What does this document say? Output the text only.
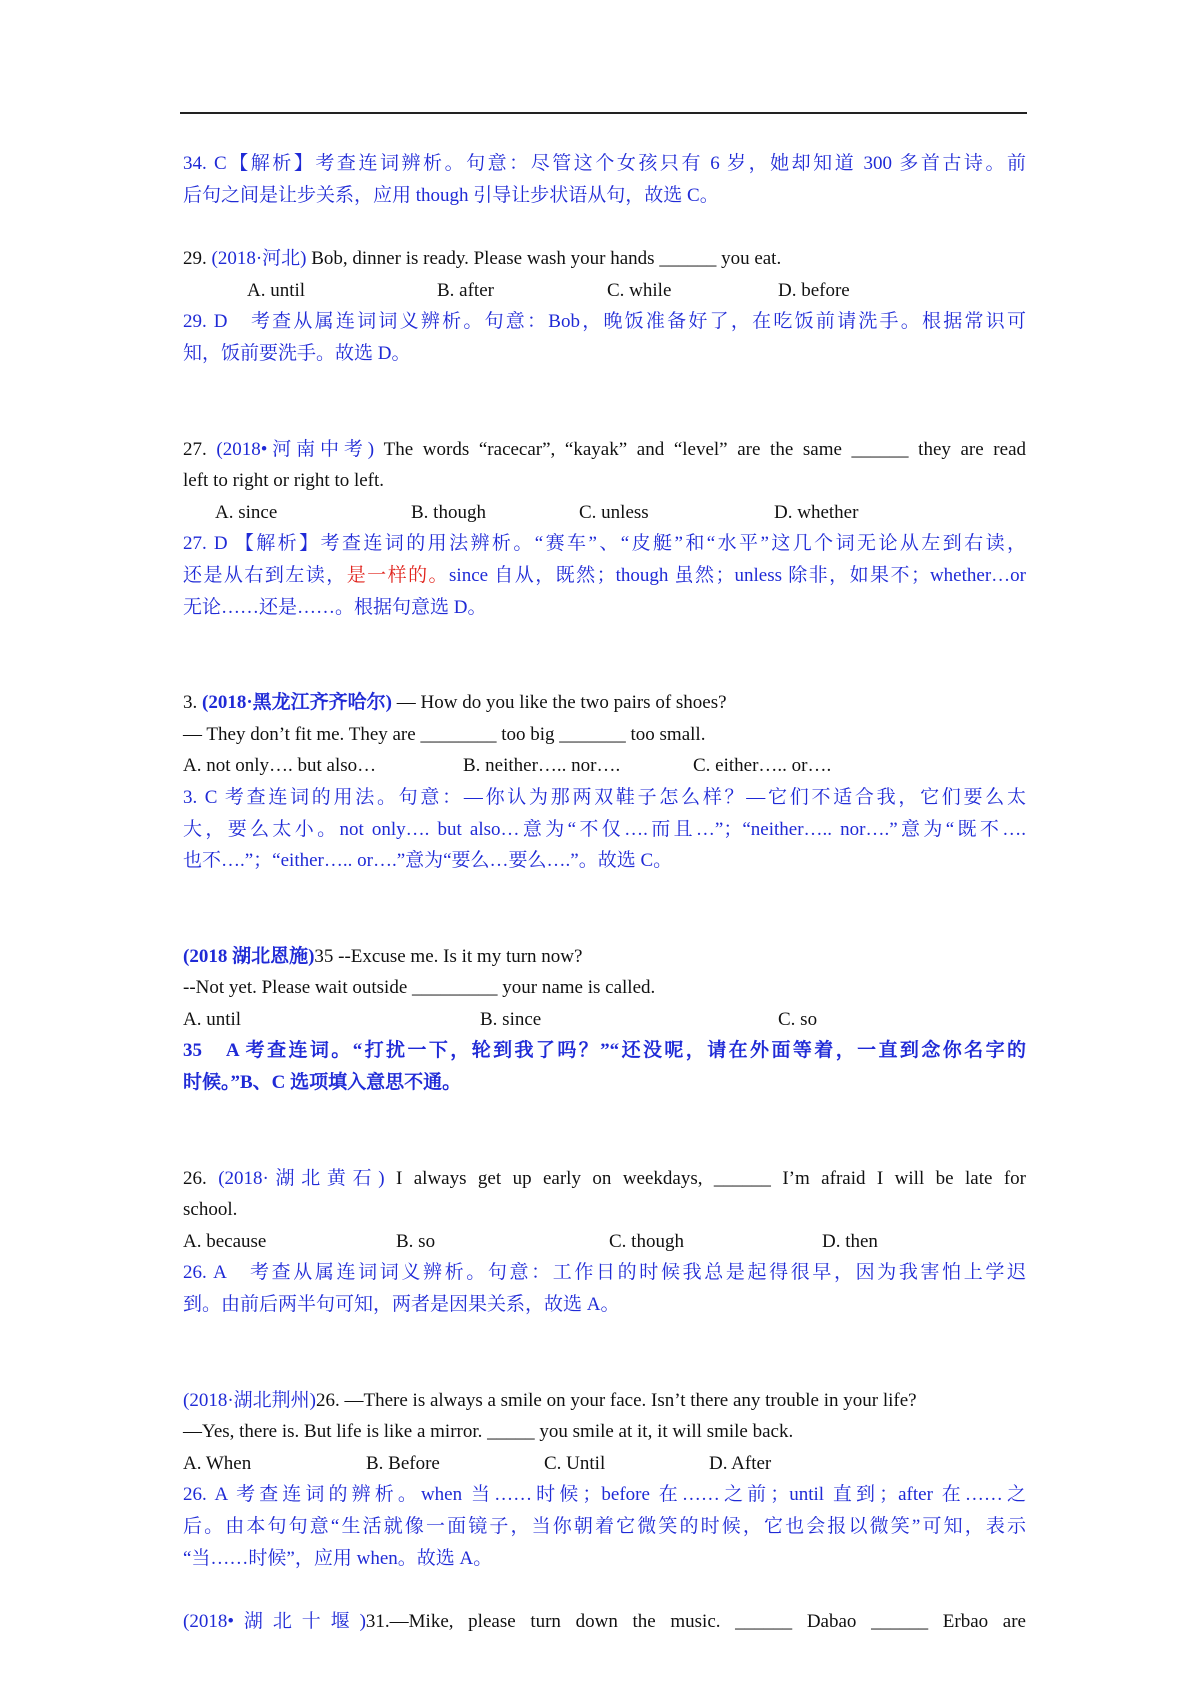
34. C【解析】考查连词辨析。句意：尽管这个女孩只有 6 岁，她却知道 300 多首古诗。前
后句之间是让步关系，应用 though 引导让步状语从句，故选 C。
29. (2018·河北) Bob, dinner is ready. Please wash your hands ______ you eat.
A. until	B. after	C. while	D. before
29. D　考查从属连词词义辨析。句意：Bob，晚饭准备好了，在吃饭前请洗手。根据常识可
知，饭前要洗手。故选 D。
27. (2018•河南中考) The words “racecar”, “kayak” and “level” are the same ______ they are read
left to right or right to left.
A. since	B. though	C. unless	D. whether
27. D 【解析】考查连词的用法辨析。“赛车”、“皮艇”和“水平”这几个词无论从左到右读，
还是从右到左读，是一样的。since 自从，既然；though 虽然；unless 除非，如果不；whether…or
无论……还是……。根据句意选 D。
3. (2018·黑龙江齐齐哈尔) — How do you like the two pairs of shoes?
— They don’t fit me. They are ________ too big _______ too small.
A. not only…. but also…	B. neither….. nor….	C. either….. or….
3. C 考查连词的用法。句意：—你认为那两双鞋子怎么样？—它们不适合我，它们要么太
大，要么太小。not only…. but also…意为“不仅….而且…”；“neither….. nor….”意为“既不….
也不….”；“either….. or….”意为“要么…要么….”。故选 C。
(2018 湖北恩施)35 --Excuse me. Is it my turn now?
--Not yet. Please wait outside _________ your name is called.
A. until	B. since	C. so
35　A 考查连词。“打扰一下，轮到我了吗？”“还没呢，请在外面等着，一直到念你名字的
时候。”B、C 选项填入意思不通。
26. (2018·湖北黄石) I always get up early on weekdays, ______ I’m afraid I will be late for
school.
A. because	B. so	C. though	D. then
26. A　考查从属连词词义辨析。句意：工作日的时候我总是起得很早，因为我害怕上学迟
到。由前后两半句可知，两者是因果关系，故选 A。
(2018·湖北荆州)26. —There is always a smile on your face. Isn’t there any trouble in your life?
—Yes, there is. But life is like a mirror. _____ you smile at it, it will smile back.
A. When	B. Before	C. Until	D. After
26. A 考查连词的辨析。when 当……时候；before 在……之前；until 直到；after 在……之
后。由本句句意“生活就像一面镜子，当你朝着它微笑的时候，它也会报以微笑”可知，表示
“当……时候”，应用 when。故选 A。
(2018•湖北十堰)31.—Mike, please turn down the music. ______ Dabao ______ Erbao are
